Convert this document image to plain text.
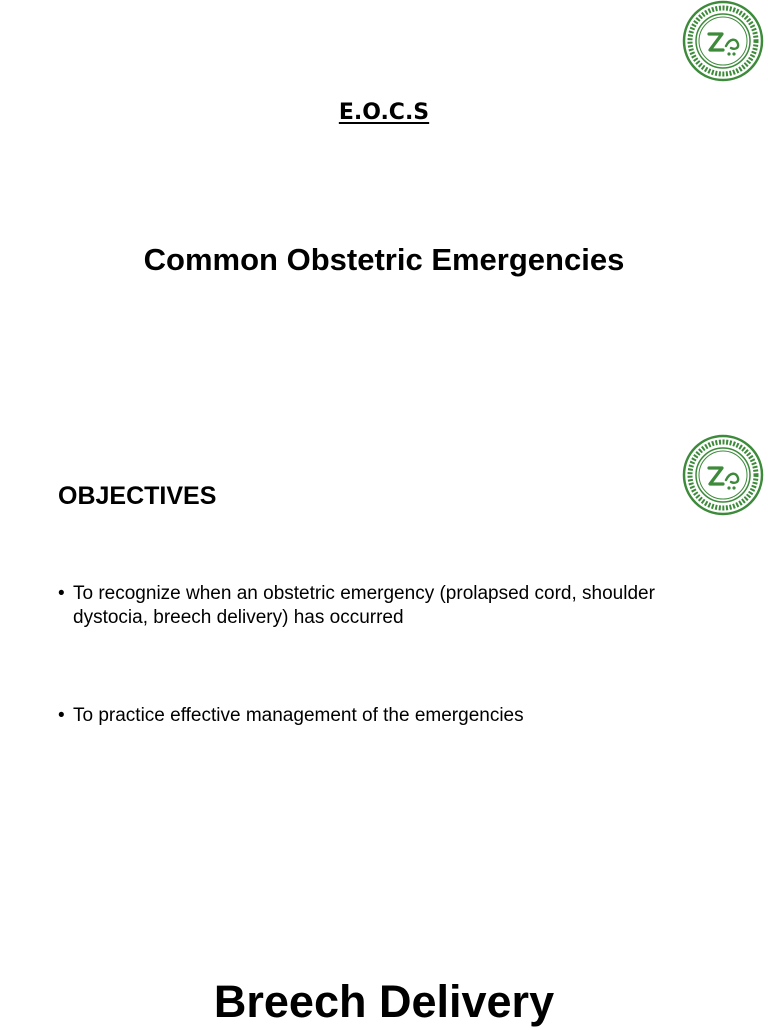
E.O.C.S
Common Obstetric Emergencies
OBJECTIVES
• To recognize when an obstetric emergency (prolapsed cord, shoulder dystocia, breech delivery) has occurred
• To practice effective management of the emergencies
Breech Delivery
